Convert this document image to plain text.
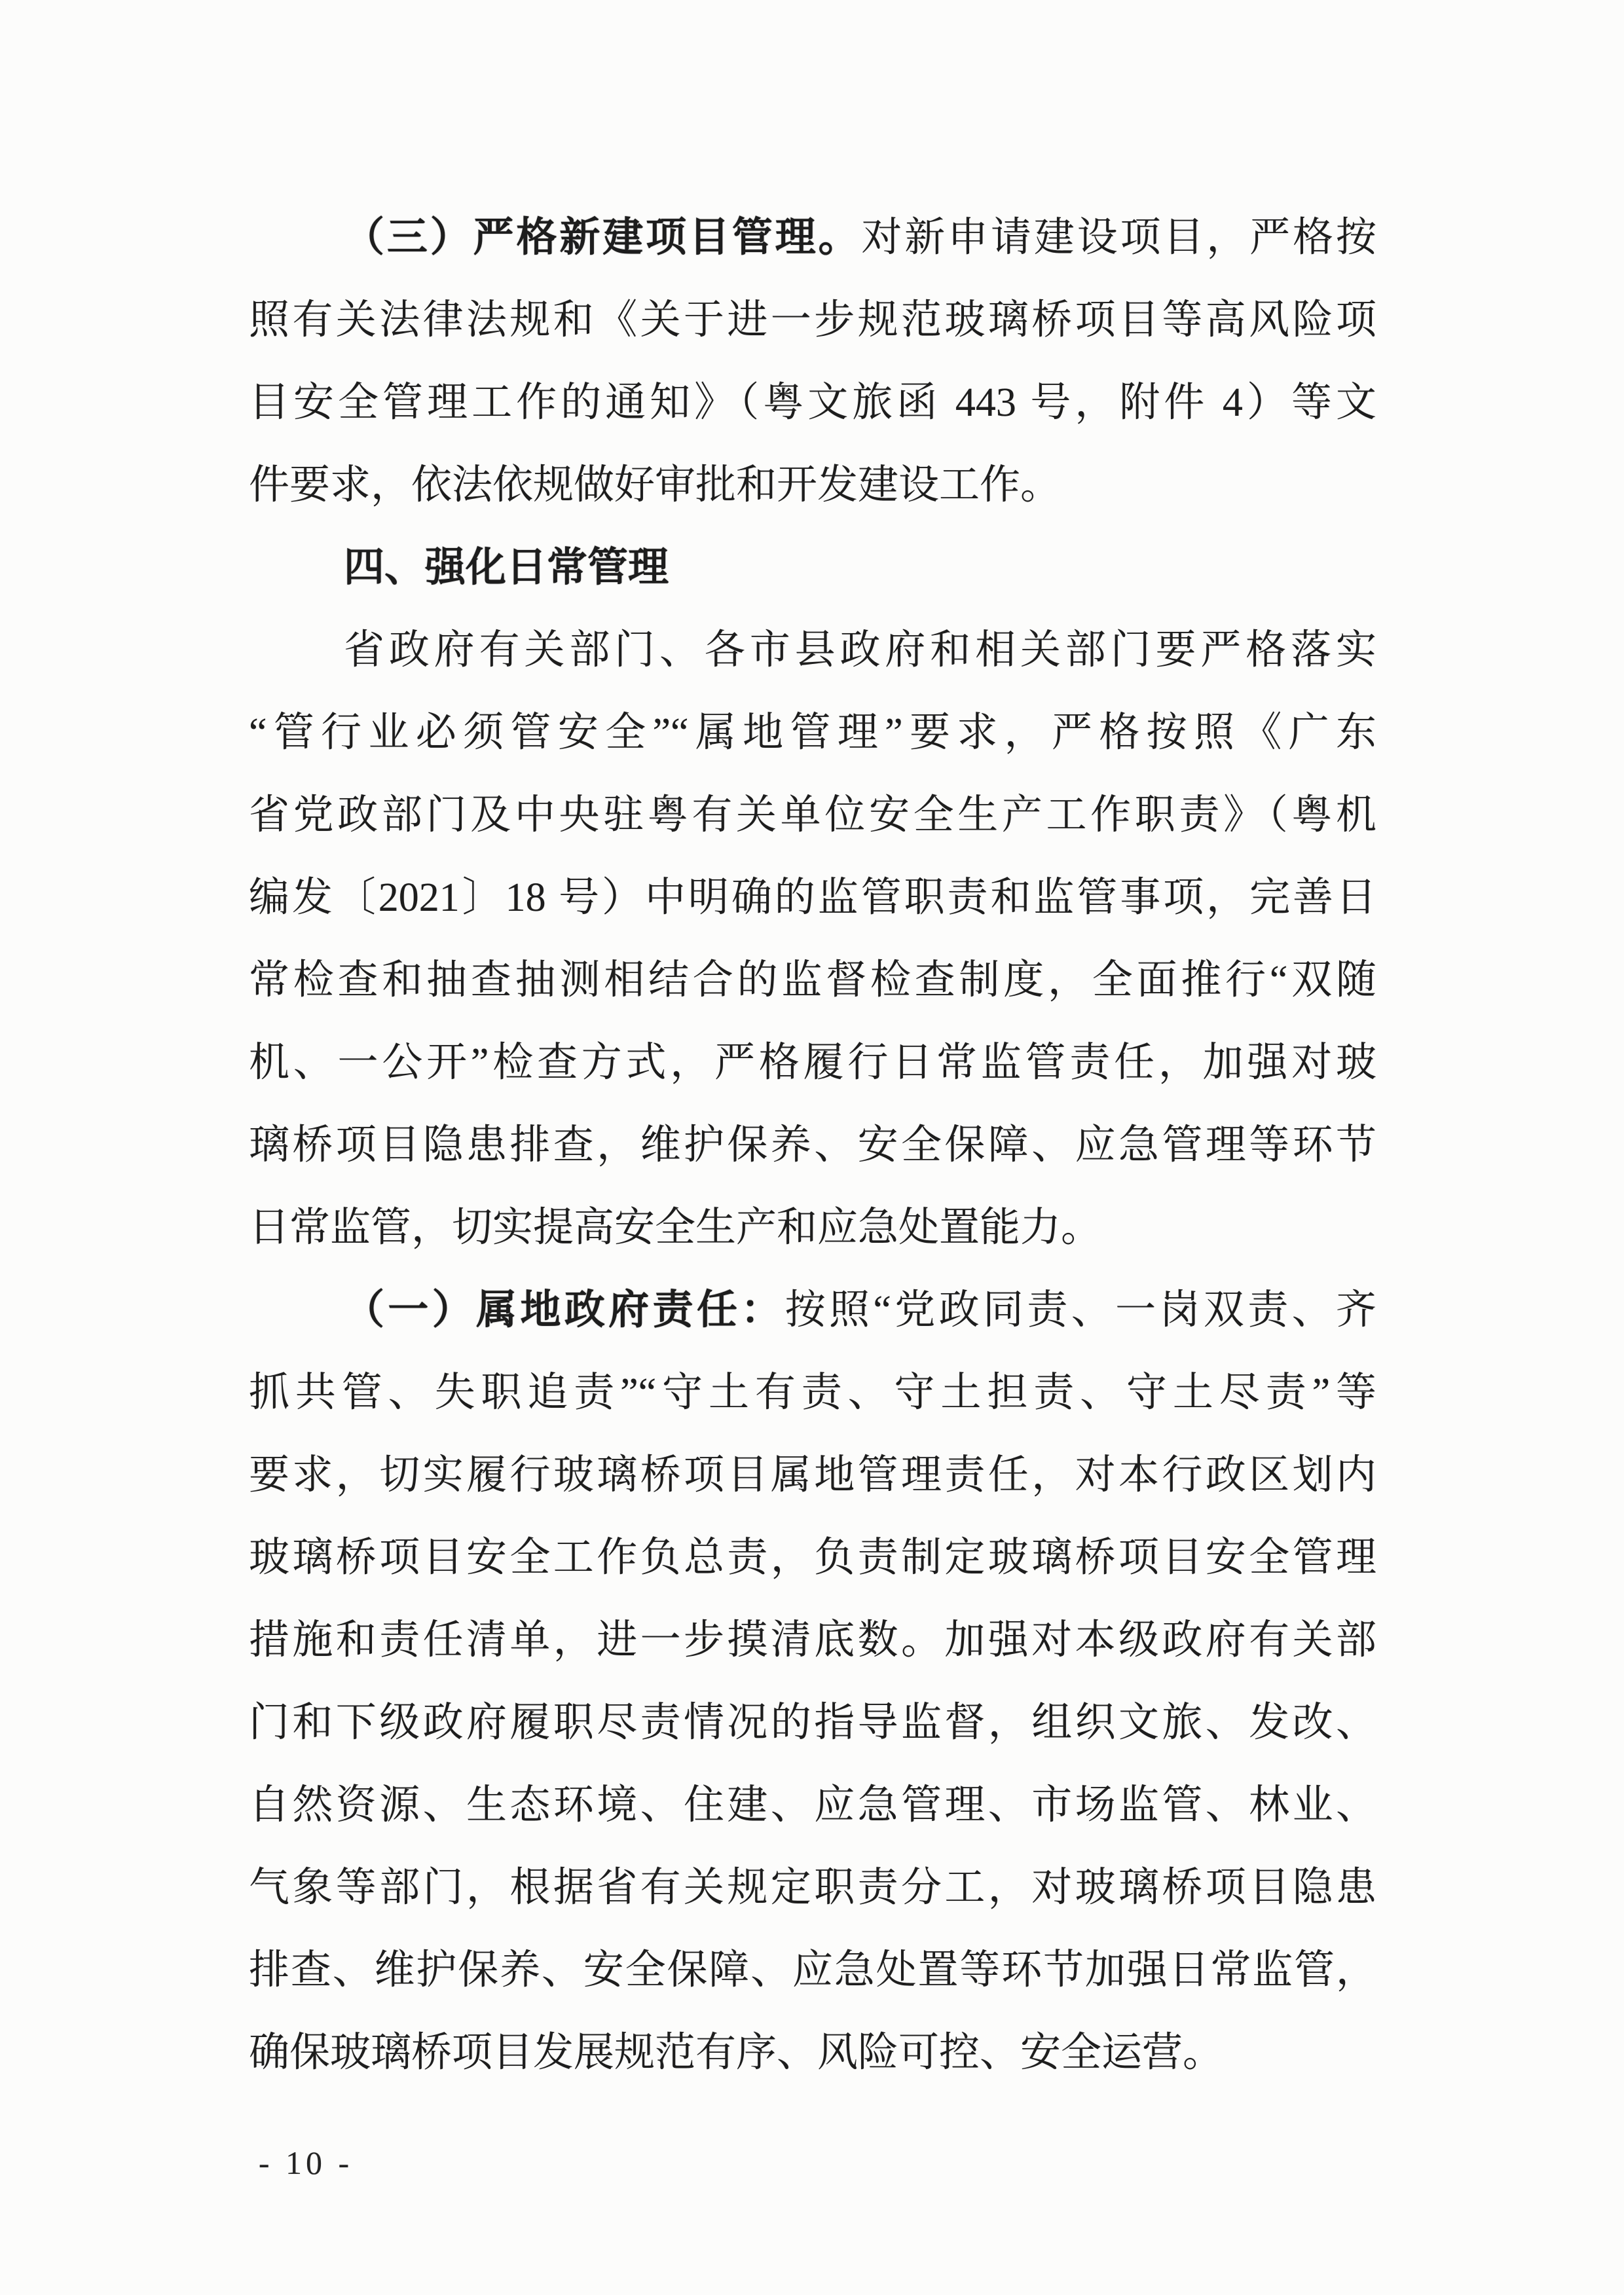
（三）严格新建项目管理。对新申请建设项目，严格按
照有关法律法规和《关于进一步规范玻璃桥项目等高风险项
目安全管理工作的通知》（粤文旅函 443 号，附件 4）等文
件要求，依法依规做好审批和开发建设工作。
四、强化日常管理
省政府有关部门、各市县政府和相关部门要严格落实
“管行业必须管安全”“属地管理”要求，严格按照《广东
省党政部门及中央驻粤有关单位安全生产工作职责》（粤机
编发〔2021〕18 号）中明确的监管职责和监管事项，完善日
常检查和抽查抽测相结合的监督检查制度，全面推行“双随
机、一公开”检查方式，严格履行日常监管责任，加强对玻
璃桥项目隐患排查，维护保养、安全保障、应急管理等环节
日常监管，切实提高安全生产和应急处置能力。
（一）属地政府责任：按照“党政同责、一岗双责、齐
抓共管、失职追责”“守土有责、守土担责、守土尽责”等
要求，切实履行玻璃桥项目属地管理责任，对本行政区划内
玻璃桥项目安全工作负总责，负责制定玻璃桥项目安全管理
措施和责任清单，进一步摸清底数。加强对本级政府有关部
门和下级政府履职尽责情况的指导监督，组织文旅、发改、
自然资源、生态环境、住建、应急管理、市场监管、林业、
气象等部门，根据省有关规定职责分工，对玻璃桥项目隐患
排查、维护保养、安全保障、应急处置等环节加强日常监管，
确保玻璃桥项目发展规范有序、风险可控、安全运营。
- 10 -
